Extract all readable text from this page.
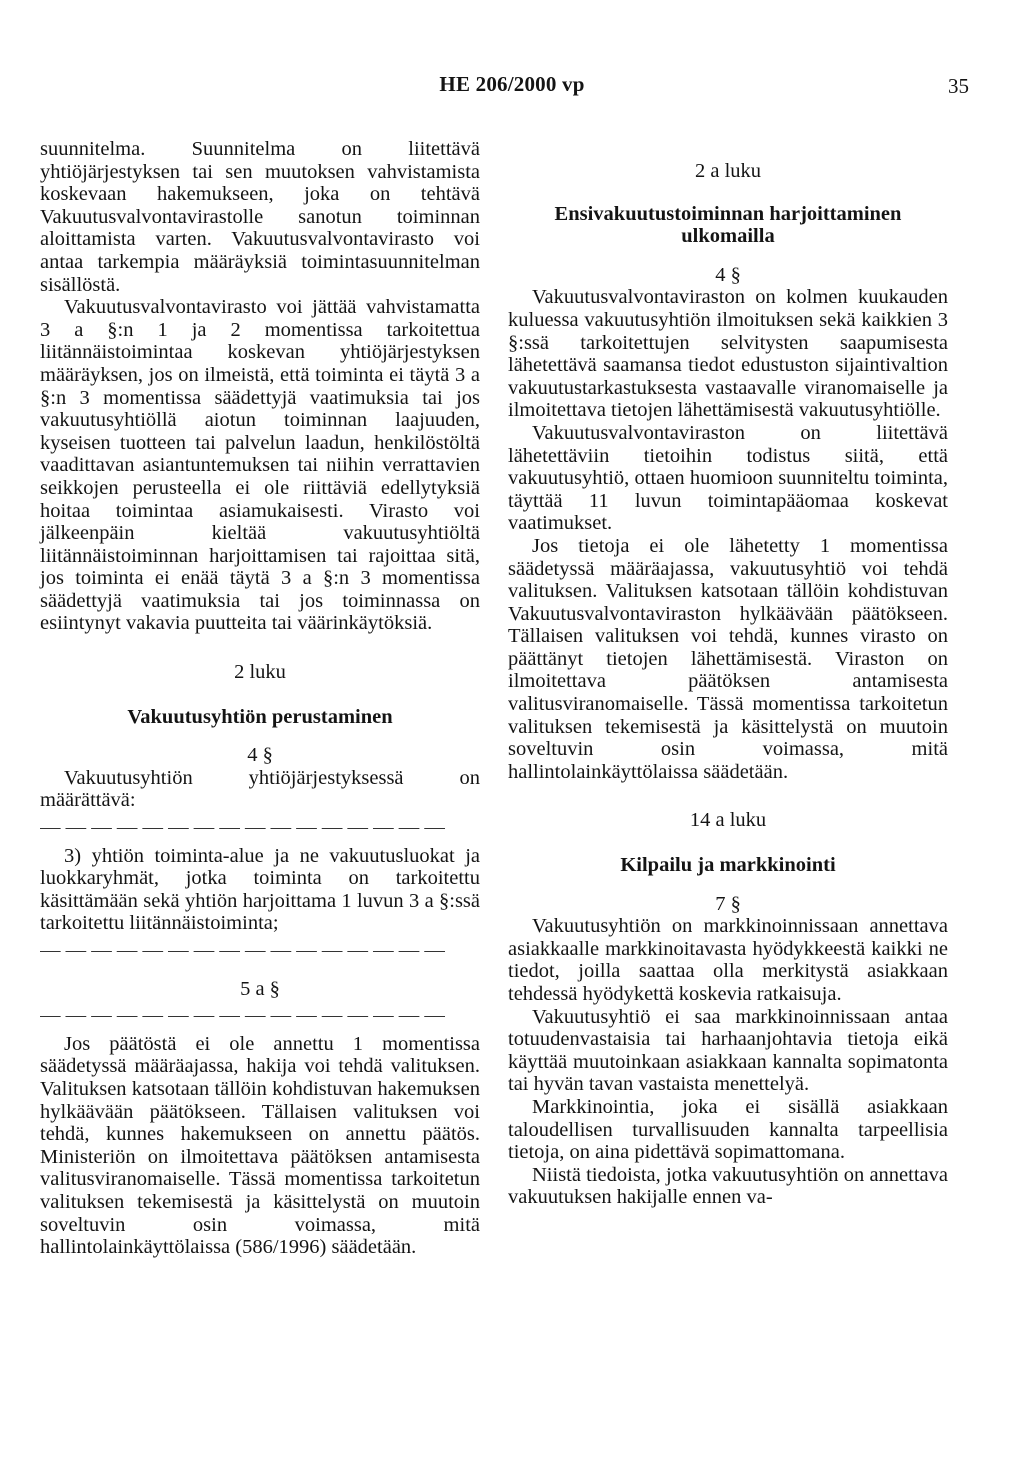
HE 206/2000 vp	35

suunnitelma. Suunnitelma on liitettävä yhtiöjärjestyksen tai sen muutoksen vahvistamista koskevaan hakemukseen, joka on tehtävä Vakuutusvalvontavirastolle sanotun toiminnan aloittamista varten. Vakuutusvalvontavirasto voi antaa tarkempia määräyksiä toimintasuunnitelman sisällöstä.

Vakuutusvalvontavirasto voi jättää vahvistamatta 3 a §:n 1 ja 2 momentissa tarkoitettua liitännäistoimintaa koskevan yhtiöjärjestyksen määräyksen, jos on ilmeistä, että toiminta ei täytä 3 a §:n 3 momentissa säädettyjä vaatimuksia tai jos vakuutusyhtiöllä aiotun toiminnan laajuuden, kyseisen tuotteen tai palvelun laadun, henkilöstöltä vaadittavan asiantuntemuksen tai niihin verrattavien seikkojen perusteella ei ole riittäviä edellytyksiä hoitaa toimintaa asiamukaisesti. Virasto voi jälkeenpäin kieltää vakuutusyhtiöltä liitännäistoiminnan harjoittamisen tai rajoittaa sitä, jos toiminta ei enää täytä 3 a §:n 3 momentissa säädettyjä vaatimuksia tai jos toiminnassa on esiintynyt vakavia puutteita tai väärinkäytöksiä.

2 luku

Vakuutusyhtiön perustaminen

4 §

Vakuutusyhtiön	yhtiöjärjestyksessä	on

määrättävä:

— — — — — — — — — — — — — — — —

3) yhtiön toiminta-alue ja ne vakuutusluokat ja luokkaryhmät, jotka toiminta on tarkoitettu käsittämään sekä yhtiön harjoittama 1 luvun 3 a §:ssä tarkoitettu liitännäistoiminta;

— — — — — — — — — — — — — — — —

5 a §

— — — — — — — — — — — — — — — —

Jos päätöstä ei ole annettu 1 momentissa säädetyssä määräajassa, hakija voi tehdä valituksen. Valituksen katsotaan tällöin kohdistuvan hakemuksen hylkäävään päätökseen. Tällaisen valituksen voi tehdä, kunnes hakemukseen on annettu päätös. Ministeriön on ilmoitettava päätöksen antamisesta valitusviranomaiselle. Tässä momentissa tarkoitetun valituksen tekemisestä ja käsittelystä on muutoin soveltuvin osin voimassa, mitä hallintolainkäyttölaissa (586/1996) säädetään.

2 a luku

Ensivakuutustoiminnan harjoittaminen ulkomailla

4 §

Vakuutusvalvontaviraston on kolmen kuukauden kuluessa vakuutusyhtiön ilmoituksen sekä kaikkien 3 §:ssä tarkoitettujen selvitysten saapumisesta lähetettävä saamansa tiedot edustuston sijaintivaltion vakuutustarkastuksesta vastaavalle viranomaiselle ja ilmoitettava tietojen lähettämisestä vakuutusyhtiölle.

Vakuutusvalvontaviraston on liitettävä lähetettäviin tietoihin todistus siitä, että vakuutusyhtiö, ottaen huomioon suunniteltu toiminta, täyttää 11 luvun toimintapääomaa koskevat vaatimukset.

Jos tietoja ei ole lähetetty 1 momentissa säädetyssä määräajassa, vakuutusyhtiö voi tehdä valituksen. Valituksen katsotaan tällöin kohdistuvan Vakuutusvalvontaviraston hylkäävään päätökseen. Tällaisen valituksen voi tehdä, kunnes virasto on päättänyt tietojen lähettämisestä. Viraston on ilmoitettava päätöksen antamisesta valitusviranomaiselle. Tässä momentissa tarkoitetun valituksen tekemisestä ja käsittelystä on muutoin soveltuvin osin voimassa, mitä hallintolainkäyttölaissa säädetään.

14 a luku

Kilpailu ja markkinointi

7 §

Vakuutusyhtiön on markkinoinnissaan annettava asiakkaalle markkinoitavasta hyödykkeestä kaikki ne tiedot, joilla saattaa olla merkitystä asiakkaan tehdessä hyödykettä koskevia ratkaisuja.

Vakuutusyhtiö ei saa markkinoinnissaan antaa totuudenvastaisia tai harhaanjohtavia tietoja eikä käyttää muutoinkaan asiakkaan kannalta sopimatonta tai hyvän tavan vastaista menettelyä.

Markkinointia, joka ei sisällä asiakkaan taloudellisen turvallisuuden kannalta tarpeellisia tietoja, on aina pidettävä sopimattomana.

Niistä tiedoista, jotka vakuutusyhtiön on annettava vakuutuksen hakijalle ennen va-
